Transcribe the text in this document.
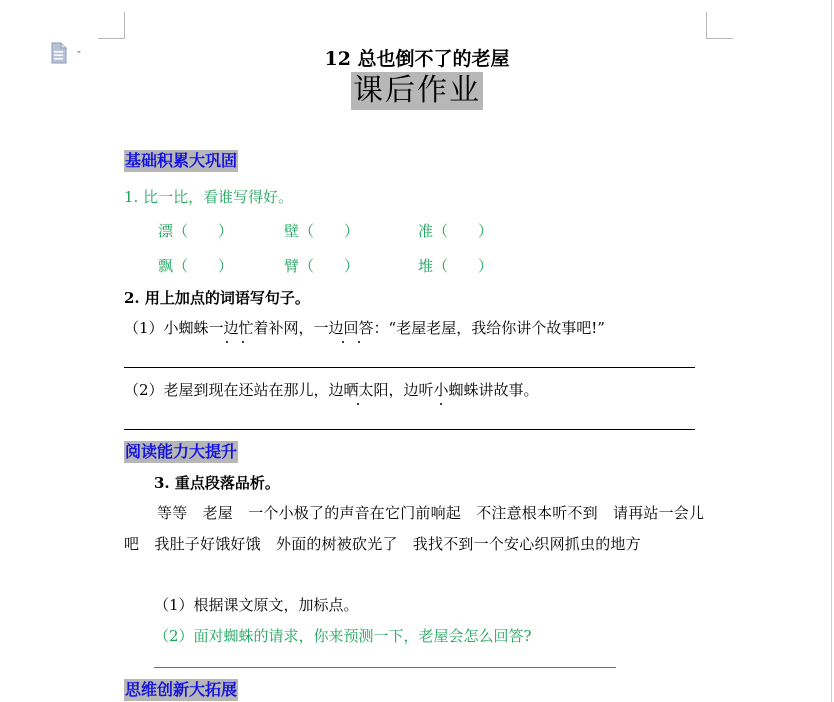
12 总也倒不了的老屋
课后作业
基础积累大巩固
1. 比一比，看谁写得好。
漂（　　）	壁（　　）	准（　　）
飘（　　）	臂（　　）	堆（　　）
2. 用上加点的词语写句子。
（1）小蜘蛛一边忙着补网，一边回答：“老屋老屋，我给你讲个故事吧!”
（2）老屋到现在还站在那儿，边晒太阳，边听小蜘蛛讲故事。
阅读能力大提升
3. 重点段落品析。
等等　老屋　一个小极了的声音在它门前响起　不注意根本听不到　请再站一会儿吧　我肚子好饿好饿　外面的树被砍光了　我找不到一个安心织网抓虫的地方
（1）根据课文原文，加标点。
（2）面对蜘蛛的请求，你来预测一下，老屋会怎么回答?
思维创新大拓展
